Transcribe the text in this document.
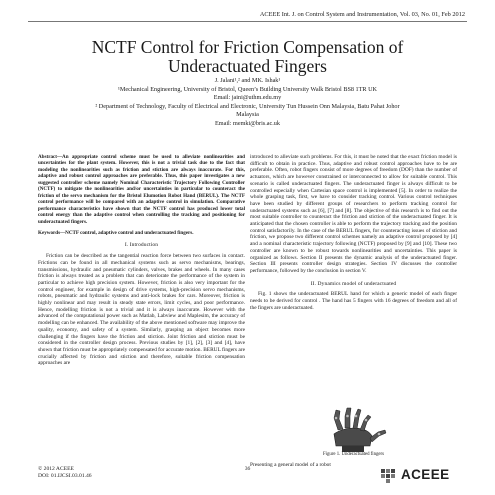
ACEEE Int. J. on Control System and Instrumentation, Vol. 03, No. 01, Feb 2012
NCTF Control for Friction Compensation of
Underactuated Fingers
J. Jalani¹,² and MK. Ishak¹
¹Mechanical Engineering, University of Bristol, Queen’s Building University Walk Bristol BS8 1TR UK
Email: jaini@uthm.edu.my
² Department of Technology, Faculty of Electrical and Electronic, University Tun Hussein Onn Malaysia, Batu Pahat Johor
Malaysia
Email: memki@bris.ac.uk

Abstract—An appropriate control scheme must be used to alleviate nonlinearities and uncertainties for the plant system. However, this is not a trivial task due to the fact that modeling the nonlinearities such as friction and stiction are always inaccurate. For this, adaptive and robust control approaches are preferable. Thus, this paper investigates a new suggested controller scheme namely Nominal Characteristic Trajectory Following Controller (NCTF) to mitigate the nonlinearities and/or uncertainties in particular to counteract the friction of the servo mechanism for the Bristol Elumotion Robot Hand (BERUL). The NCTF control performance will be compared with an adaptive control in simulation. Comparative performance characteristics have shown that the NCTF control has produced lower total control energy than the adaptive control when controlling the tracking and positioning for underactuated fingers.

Keywords—NCTF control, adaptive control and underactuated fingers.

I. Introduction

Friction can be described as the tangential reaction force between two surfaces in contact. Frictions can be found in all mechanical systems such as servo mechanisms, bearings, transmissions, hydraulic and pneumatic cylinders, valves, brakes and wheels. In many cases friction is always treated as a problem that can deteriorate the performance of the system in particular to achieve high precision system. However, friction is also very important for the control engineer, for example in design of drive systems, high-precision servo mechanisms, robots, pneumatic and hydraulic systems and anti-lock brakes for cars. Moreover, friction is highly nonlinear and may result in steady state errors, limit cycles, and poor performance. Hence, modelling friction is not a trivial and it is always inaccurate. However with the advanced of the computational power such as Matlab, Labview and Maplesim, the accuracy of modelling can be enhanced. The availability of the above mentioned software may improve the quality, economy, and safety of a system. Similarly, grasping an object becomes more challenging if the fingers have the friction and stiction. Joint friction and stiction must be considered in the controller design process. Previous studies by [1], [2], [3] and [4], have shown that friction must be appropriately compensated for accurate motion. BERUL fingers are crucially affected by friction and stiction and therefore, suitable friction compensation approaches are

introduced to alleviate such problems. For this, it must be noted that the exact friction model is difficult to obtain in practice. Thus, adaptive and robust control approaches have to be are preferable. Often, robot fingers consist of more degrees of freedom (DOF) than the number of actuators, which are however constrained or interconnected to allow for suitable control. This scenario is called underactuated fingers. The underactuated finger is always difficult to be controlled especially when Cartesian space control is implemented [5]. In order to realize the whole grasping task, first, we have to consider tracking control. Various control techniques have been studied by different groups of researchers to perform tracking control for underactuated systems such as [6], [7] and [8]. The objective of this research is to find out the most suitable controller to counteract the friction and stiction of the underactuated finger. It is anticipated that the chosen controller is able to perform the trajectory tracking and the position control satisfactorily. In the case of the BERUL fingers, for counteracting issues of stiction and friction, we propose two different control schemes namely an adaptive control proposed by [4] and a nominal characteristic trajectory following (NCTF) proposed by [9] and [10]. These two controller are known to be robust towards nonlinearities and uncertainties. This paper is organized as follows. Section II presents the dynamic analysis of the underactuated finger. Section III presents controller design strategies. Section IV discusses the controller performance, followed by the conclusion in section V.

II. Dynamics model of underactuated

Fig. 1 shows the underactuated BERUL hand for which a generic model of each finger needs to be derived for control . The hand has 5 fingers with 16 degrees of freedom and all of the fingers are underactuated.

Figure 1. Underactuated fingers
Presenting a general model of a robot
© 2012 ACEEE
DOI: 01.IJCSI.03.01.46
36	ACEEE
